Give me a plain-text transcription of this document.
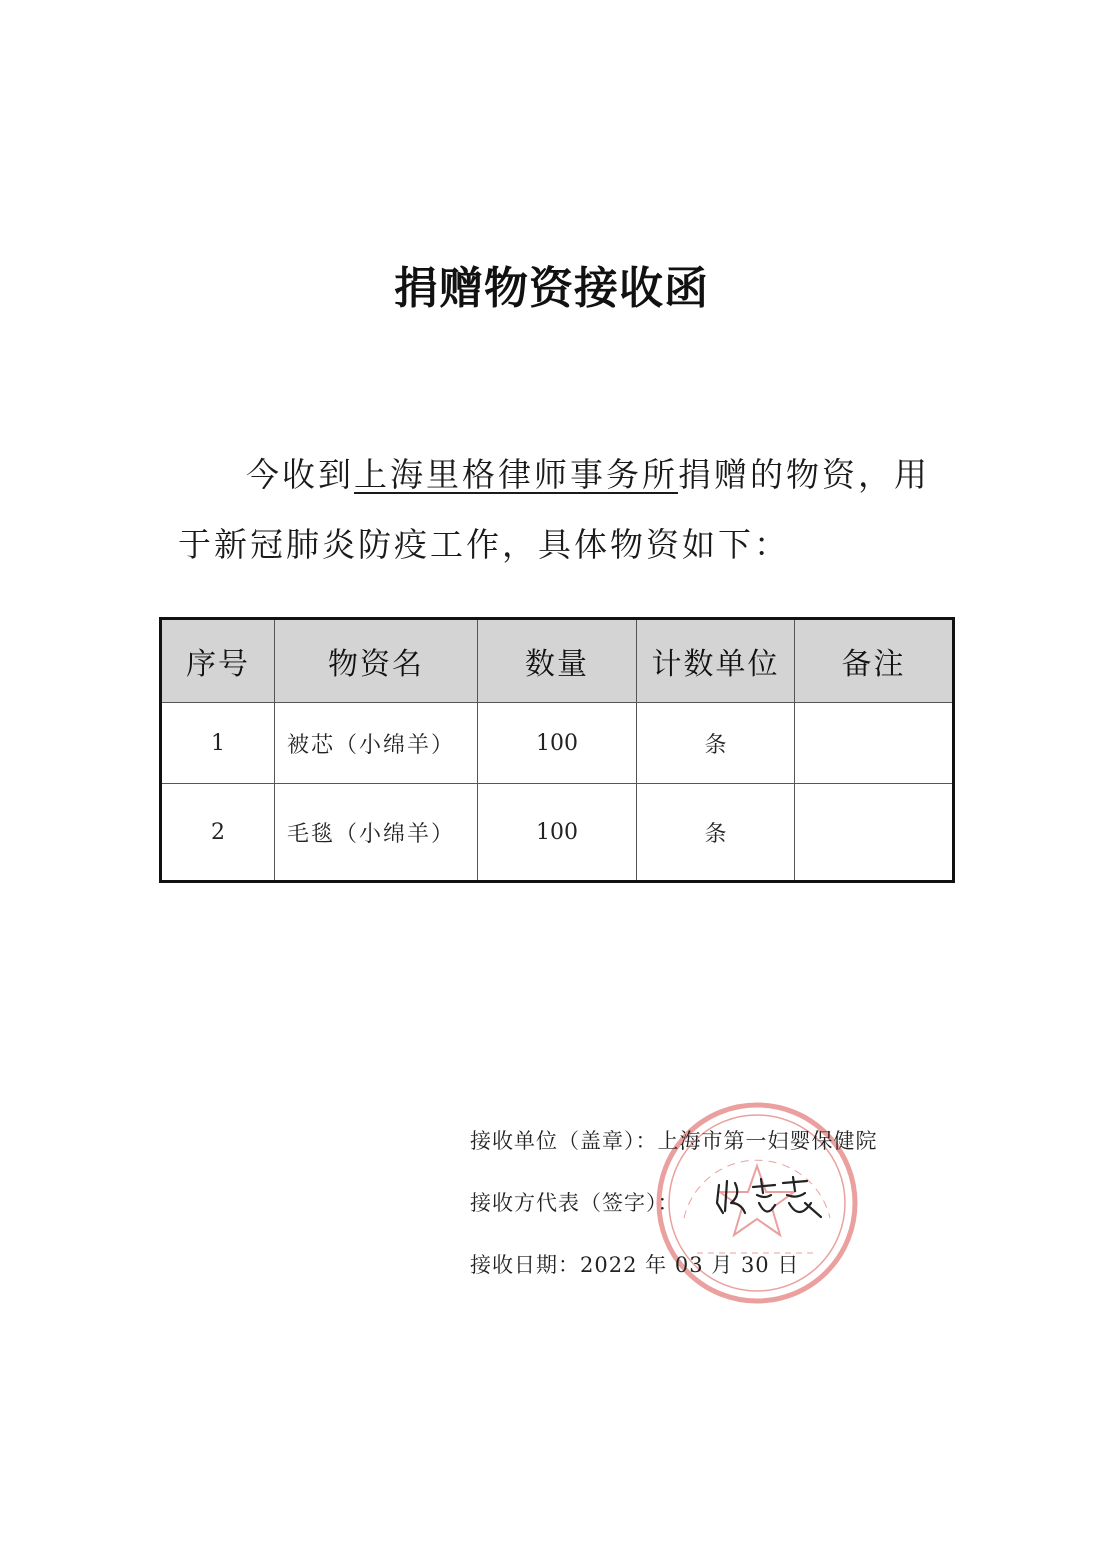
捐赠物资接收函
今收到上海里格律师事务所捐赠的物资，用
于新冠肺炎防疫工作，具体物资如下：
序号	物资名	数量	计数单位	备注
1	被芯（小绵羊）	100	条	
2	毛毯（小绵羊）	100	条	
接收单位（盖章）：上海市第一妇婴保健院
接收方代表（签字）：
接收日期：2022 年 03 月 30 日
